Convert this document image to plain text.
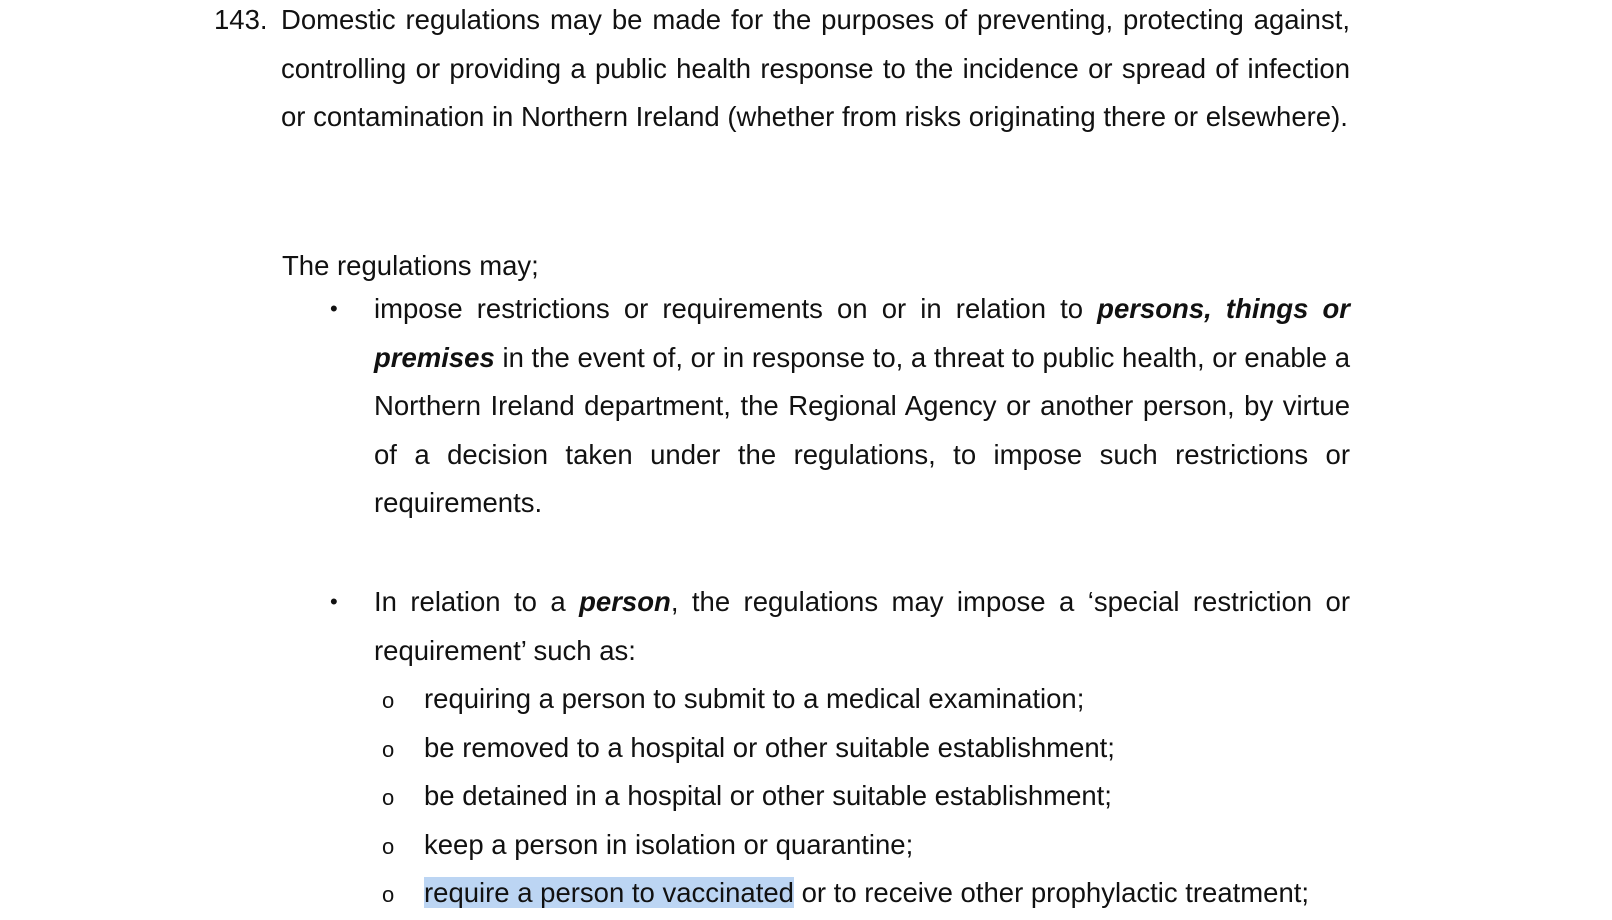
143. Domestic regulations may be made for the purposes of preventing, protecting against, controlling or providing a public health response to the incidence or spread of infection or contamination in Northern Ireland (whether from risks originating there or elsewhere).
The regulations may;
• impose restrictions or requirements on or in relation to persons, things or premises in the event of, or in response to, a threat to public health, or enable a Northern Ireland department, the Regional Agency or another person, by virtue of a decision taken under the regulations, to impose such restrictions or requirements.
• In relation to a person, the regulations may impose a ‘special restriction or requirement’ such as:
o requiring a person to submit to a medical examination;
o be removed to a hospital or other suitable establishment;
o be detained in a hospital or other suitable establishment;
o keep a person in isolation or quarantine;
o require a person to vaccinated or to receive other prophylactic treatment;
